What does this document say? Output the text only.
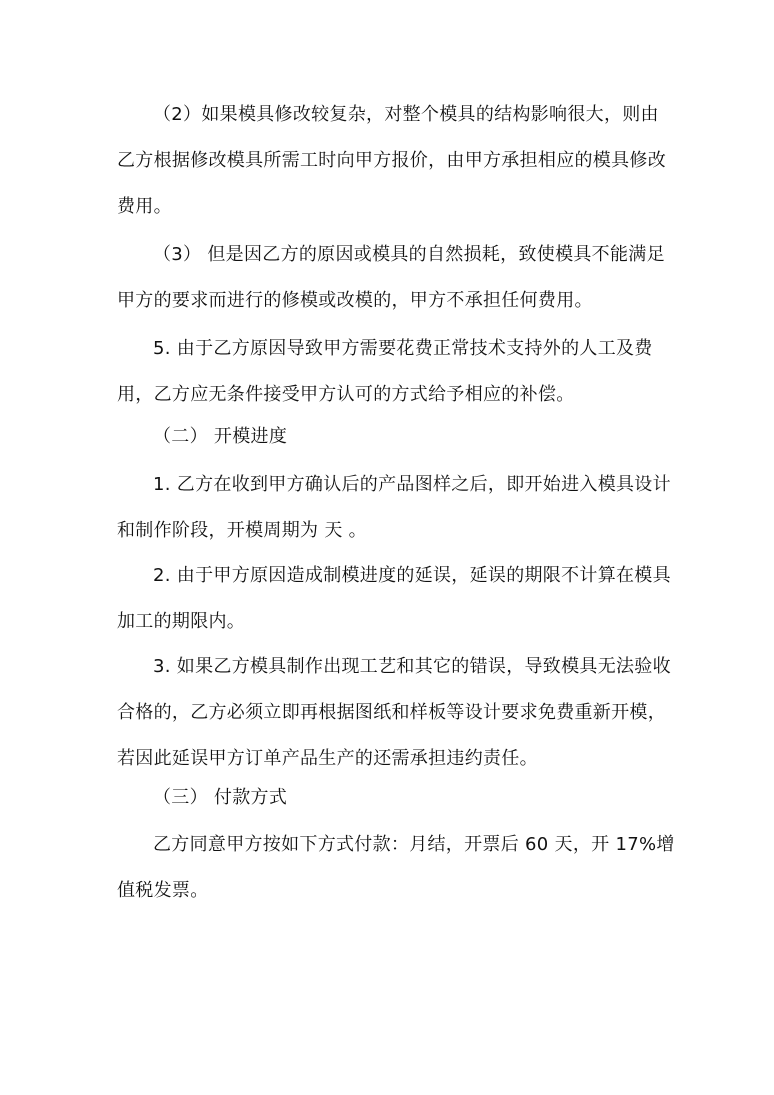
（2）如果模具修改较复杂，对整个模具的结构影响很大，则由
乙方根据修改模具所需工时向甲方报价，由甲方承担相应的模具修改
费用。

（3） 但是因乙方的原因或模具的自然损耗，致使模具不能满足
甲方的要求而进行的修模或改模的，甲方不承担任何费用。

5. 由于乙方原因导致甲方需要花费正常技术支持外的人工及费
用，乙方应无条件接受甲方认可的方式给予相应的补偿。

（二） 开模进度

1. 乙方在收到甲方确认后的产品图样之后，即开始进入模具设计
和制作阶段，开模周期为 天 。

2. 由于甲方原因造成制模进度的延误，延误的期限不计算在模具
加工的期限内。

3. 如果乙方模具制作出现工艺和其它的错误，导致模具无法验收
合格的，乙方必须立即再根据图纸和样板等设计要求免费重新开模，
若因此延误甲方订单产品生产的还需承担违约责任。

（三） 付款方式

乙方同意甲方按如下方式付款：月结，开票后 60 天，开 17%增
值税发票。
